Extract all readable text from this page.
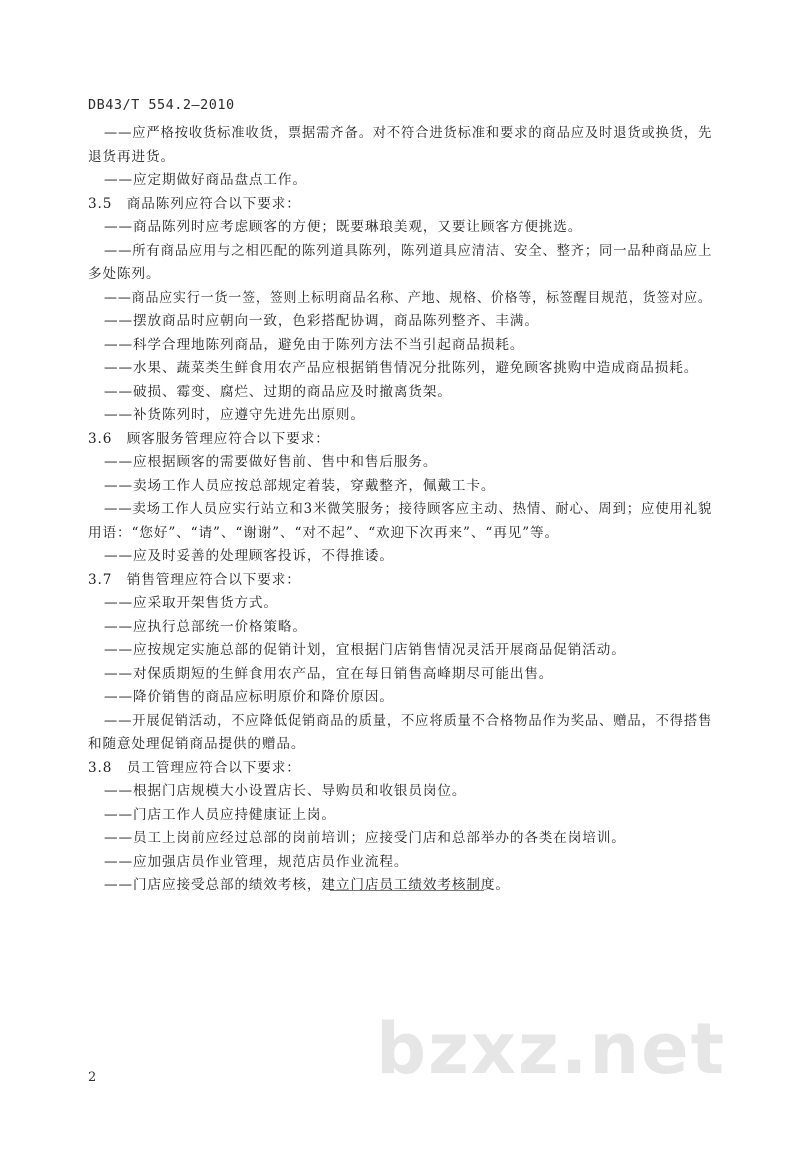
DB43/T 554.2—2010
——应严格按收货标准收货，票据需齐备。对不符合进货标准和要求的商品应及时退货或换货，先
退货再进货。
——应定期做好商品盘点工作。
3.5　商品陈列应符合以下要求：
——商品陈列时应考虑顾客的方便；既要琳琅美观，又要让顾客方便挑选。
——所有商品应用与之相匹配的陈列道具陈列，陈列道具应清洁、安全、整齐；同一品种商品应上
多处陈列。
——商品应实行一货一签，签则上标明商品名称、产地、规格、价格等，标签醒目规范，货签对应。
——摆放商品时应朝向一致，色彩搭配协调，商品陈列整齐、丰满。
——科学合理地陈列商品，避免由于陈列方法不当引起商品损耗。
——水果、蔬菜类生鲜食用农产品应根据销售情况分批陈列，避免顾客挑购中造成商品损耗。
——破损、霉变、腐烂、过期的商品应及时撤离货架。
——补货陈列时，应遵守先进先出原则。
3.6　顾客服务管理应符合以下要求：
——应根据顾客的需要做好售前、售中和售后服务。
——卖场工作人员应按总部规定着装，穿戴整齐，佩戴工卡。
——卖场工作人员应实行站立和3米微笑服务；接待顾客应主动、热情、耐心、周到；应使用礼貌
用语：“您好”、“请”、“谢谢”、“对不起”、“欢迎下次再来”、“再见”等。
——应及时妥善的处理顾客投诉，不得推诿。
3.7　销售管理应符合以下要求：
——应采取开架售货方式。
——应执行总部统一价格策略。
——应按规定实施总部的促销计划，宜根据门店销售情况灵活开展商品促销活动。
——对保质期短的生鲜食用农产品，宜在每日销售高峰期尽可能出售。
——降价销售的商品应标明原价和降价原因。
——开展促销活动，不应降低促销商品的质量，不应将质量不合格物品作为奖品、赠品，不得搭售
和随意处理促销商品提供的赠品。
3.8　员工管理应符合以下要求：
——根据门店规模大小设置店长、导购员和收银员岗位。
——门店工作人员应持健康证上岗。
——员工上岗前应经过总部的岗前培训；应接受门店和总部举办的各类在岗培训。
——应加强店员作业管理，规范店员作业流程。
——门店应接受总部的绩效考核，建立门店员工绩效考核制度。
bzxz.net
2
